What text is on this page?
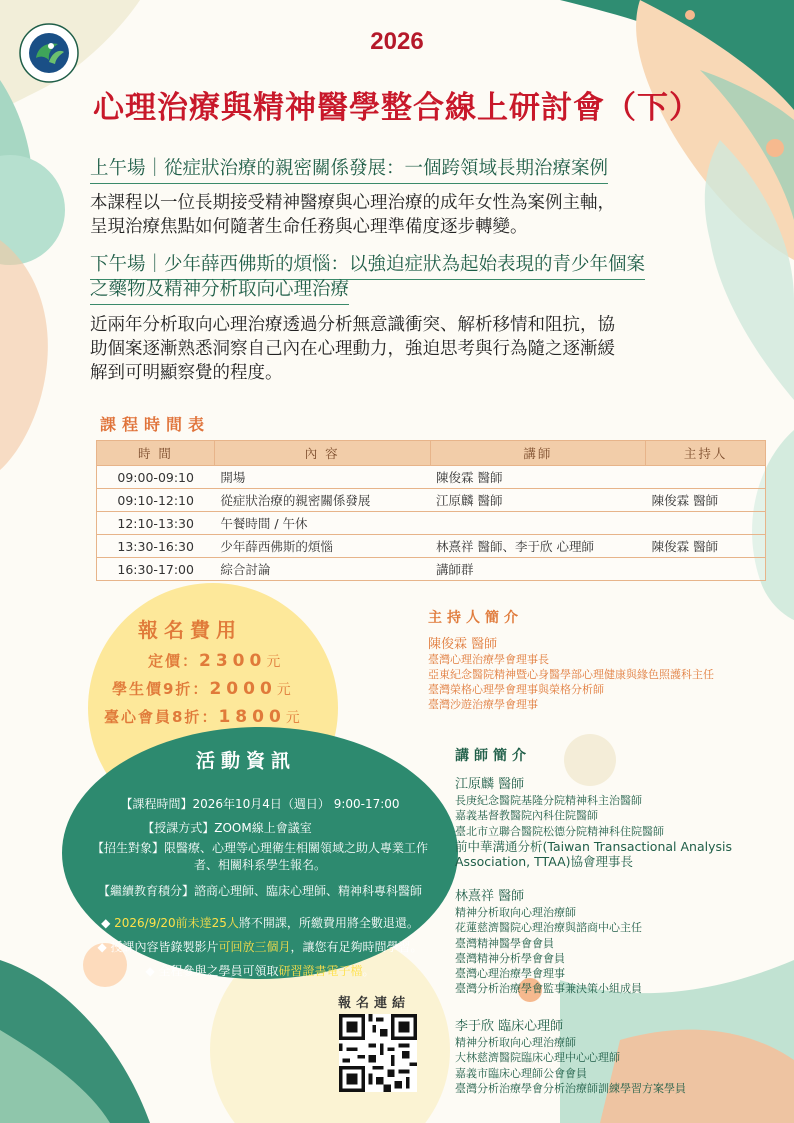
2026
心理治療與精神醫學整合線上研討會（下）
上午場｜從症狀治療的親密關係發展：一個跨領域長期治療案例
本課程以一位長期接受精神醫療與心理治療的成年女性為案例主軸，
呈現治療焦點如何隨著生命任務與心理準備度逐步轉變。
下午場｜少年薛西佛斯的煩惱：以強迫症狀為起始表現的青少年個案
之藥物及精神分析取向心理治療
近兩年分析取向心理治療透過分析無意識衝突、解析移情和阻抗，協
助個案逐漸熟悉洞察自己內在心理動力，強迫思考與行為隨之逐漸緩
解到可明顯察覺的程度。
課程時間表
時 間	內 容	講師	主持人
09:00-09:10	開場	陳俊霖 醫師	
09:10-12:10	從症狀治療的親密關係發展	江原麟 醫師	陳俊霖 醫師
12:10-13:30	午餐時間 / 午休		
13:30-16:30	少年薛西佛斯的煩惱	林熹祥 醫師、李于欣 心理師	陳俊霖 醫師
16:30-17:00	綜合討論	講師群	
報名費用
定價：2300元
學生價9折：2000元
臺心會員8折：1800元
活動資訊
【課程時間】2026年10月4日（週日） 9:00-17:00
【授課方式】ZOOM線上會議室
【招生對象】限醫療、心理等心理衛生相關領域之助人專業工作
者、相關科系學生報名。
【繼續教育積分】諮商心理師、臨床心理師、精神科專科醫師
◆ 2026/9/20前未達25人將不開課，所繳費用將全數退還。
◆ 授課內容皆錄製影片可回放三個月，讓您有足夠時間學習。
◆ 全程參與之學員可領取研習證書電子檔。
報名連結
主持人簡介
陳俊霖 醫師
臺灣心理治療學會理事長
亞東紀念醫院精神暨心身醫學部心理健康與緣色照護科主任
臺灣榮格心理學會理事與榮格分析師
臺灣沙遊治療學會理事
講師簡介
江原麟 醫師
長庚紀念醫院基隆分院精神科主治醫師
嘉義基督教醫院內科住院醫師
臺北市立聯合醫院松德分院精神科住院醫師
前中華溝通分析(Taiwan Transactional Analysis
Association, TTAA)協會理事長
林熹祥 醫師
精神分析取向心理治療師
花蓮慈濟醫院心理治療與諮商中心主任
臺灣精神醫學會會員
臺灣精神分析學會會員
臺灣心理治療學會理事
臺灣分析治療學會監事兼決策小組成員
李于欣 臨床心理師
精神分析取向心理治療師
大林慈濟醫院臨床心理中心心理師
嘉義市臨床心理師公會會員
臺灣分析治療學會分析治療師訓練學習方案學員
